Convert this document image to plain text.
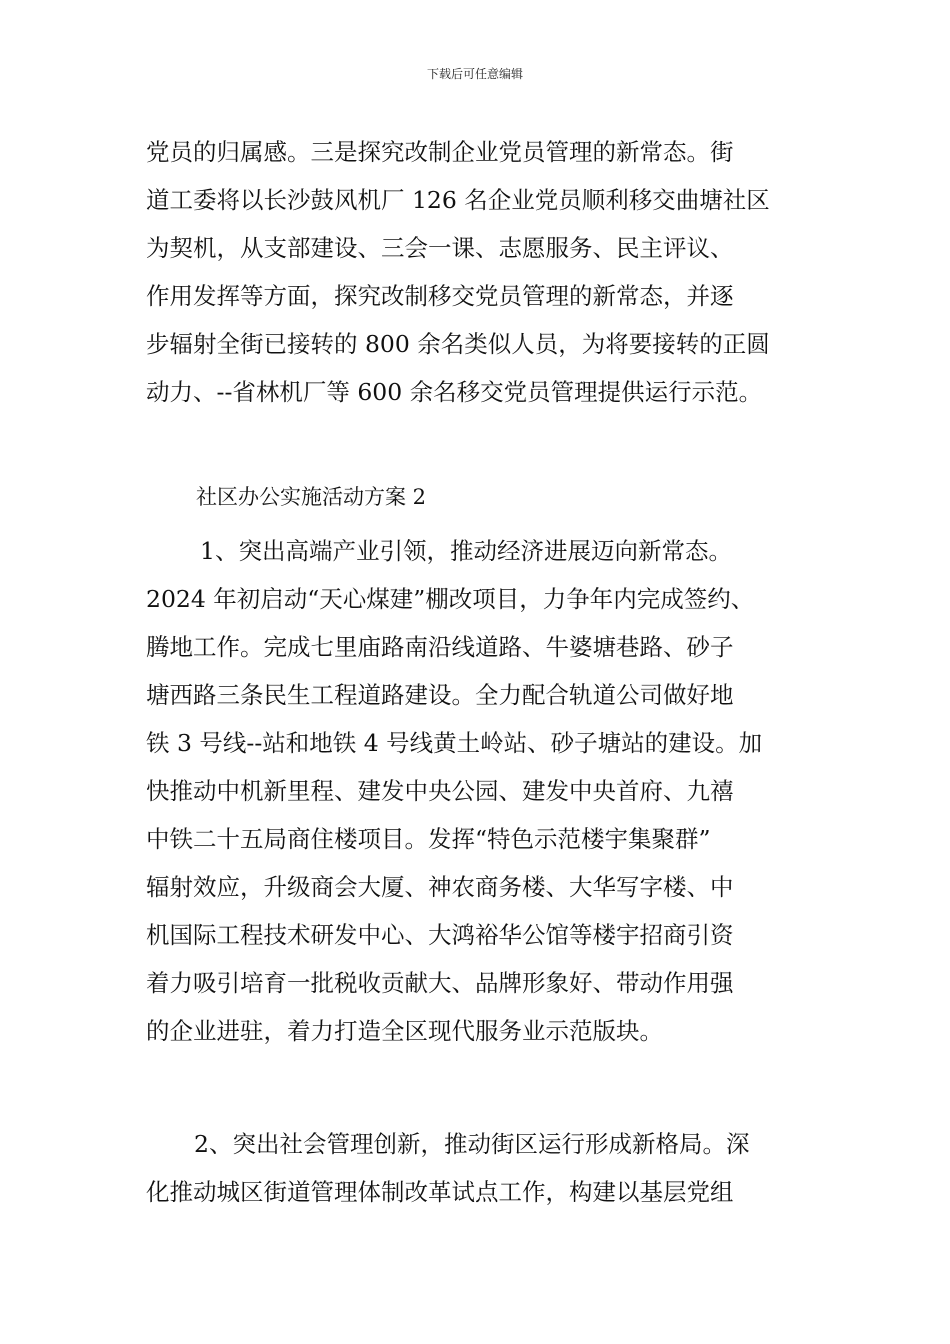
下载后可任意编辑
党员的归属感。三是探究改制企业党员管理的新常态。街
道工委将以长沙鼓风机厂 126 名企业党员顺利移交曲塘社区
为契机，从支部建设、三会一课、志愿服务、民主评议、
作用发挥等方面，探究改制移交党员管理的新常态，并逐
步辐射全街已接转的 800 余名类似人员，为将要接转的正圆
动力、--省林机厂等 600 余名移交党员管理提供运行示范。
社区办公实施活动方案 2
1、突出高端产业引领，推动经济进展迈向新常态。
2024 年初启动“天心煤建”棚改项目，力争年内完成签约、
腾地工作。完成七里庙路南沿线道路、牛婆塘巷路、砂子
塘西路三条民生工程道路建设。全力配合轨道公司做好地
铁 3 号线--站和地铁 4 号线黄土岭站、砂子塘站的建设。加
快推动中机新里程、建发中央公园、建发中央首府、九禧
中铁二十五局商住楼项目。发挥“特色示范楼宇集聚群”
辐射效应，升级商会大厦、神农商务楼、大华写字楼、中
机国际工程技术研发中心、大鸿裕华公馆等楼宇招商引资
着力吸引培育一批税收贡献大、品牌形象好、带动作用强
的企业进驻，着力打造全区现代服务业示范版块。
2、突出社会管理创新，推动街区运行形成新格局。深
化推动城区街道管理体制改革试点工作，构建以基层党组
